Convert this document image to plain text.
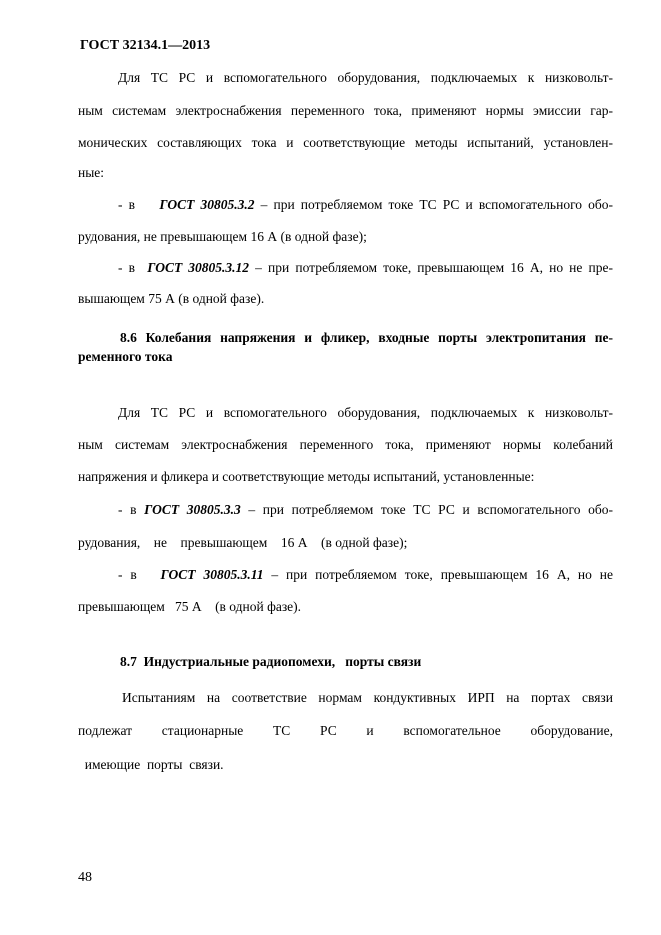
ГОСТ 32134.1—2013
Для ТС РС и вспомогательного оборудования, подключаемых к низковольт-
ным системам электроснабжения переменного тока, применяют нормы эмиссии гар-
монических составляющих тока и соответствующие методы испытаний, установлен-
ные:
- в    ГОСТ 30805.3.2 – при потребляемом токе ТС РС и вспомогательного обо-
рудования, не превышающем 16 А (в одной фазе);
- в  ГОСТ 30805.3.12 – при потребляемом токе, превышающем 16 А, но не пре-
вышающем 75 А (в одной фазе).
8.6 Колебания напряжения и фликер, входные порты электропитания пе-
ременного тока
Для ТС РС и вспомогательного оборудования, подключаемых к низковольт-
ным системам электроснабжения переменного тока, применяют нормы колебаний
напряжения и фликера и соответствующие методы испытаний, установленные:
- в ГОСТ 30805.3.3 – при потребляемом токе ТС РС и вспомогательного обо-
рудования,    не    превышающем    16 А    (в одной фазе);
- в   ГОСТ 30805.3.11 – при потребляемом токе, превышающем 16 А, но не
превышающем   75 А    (в одной фазе).
8.7  Индустриальные радиопомехи,   порты связи
Испытаниям на соответствие нормам кондуктивных ИРП на портах связи
подлежат стационарные ТС РС и вспомогательное оборудование,
имеющие  порты  связи.
48
